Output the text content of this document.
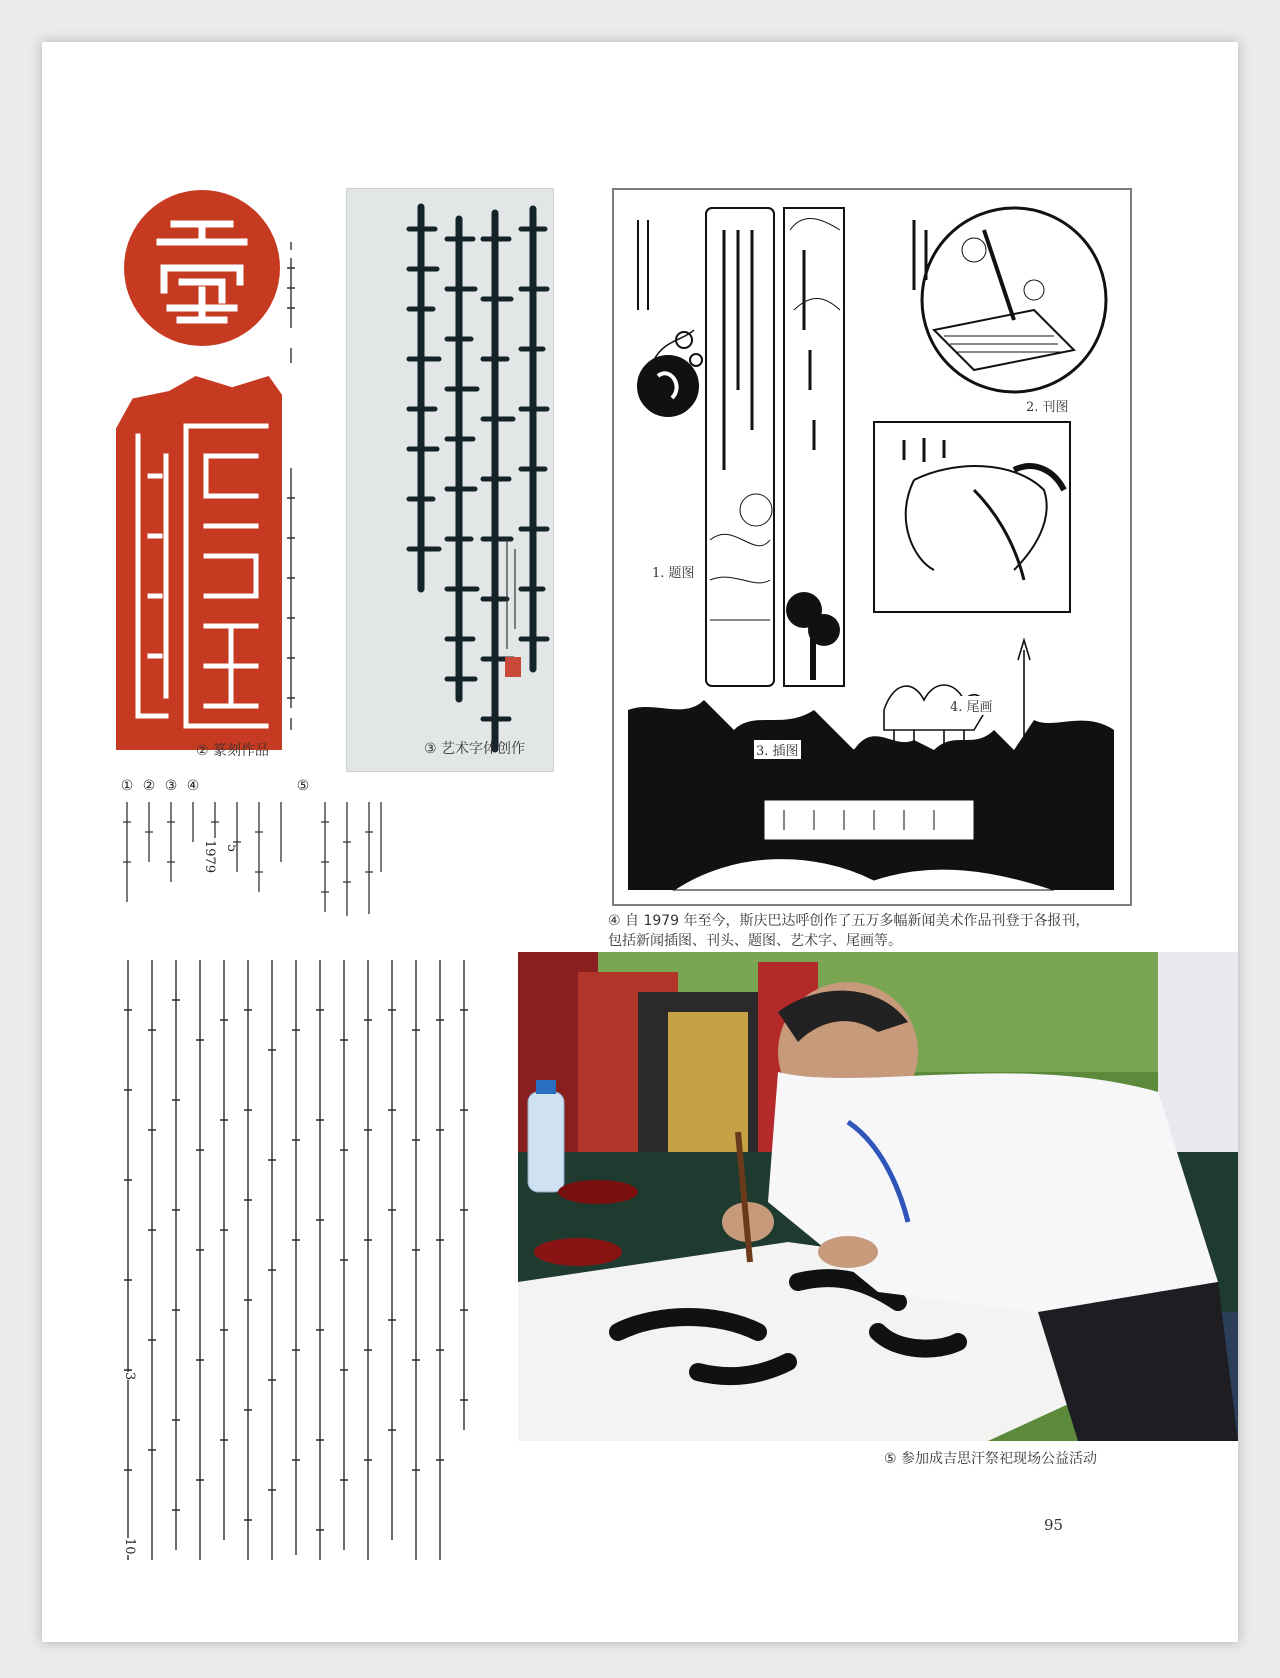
② 篆刻作品	③ 艺术字体创作
1. 题图
2. 刊图
3. 插图
4. 尾画
④ 自 1979 年至今，斯庆巴达呼创作了五万多幅新闻美术作品刊登于各报刊，
包括新闻插图、刊头、题图、艺术字、尾画等。
① ② ③ ④
1979 5
⑤
3
10
⑤ 参加成吉思汗祭祀现场公益活动
95
